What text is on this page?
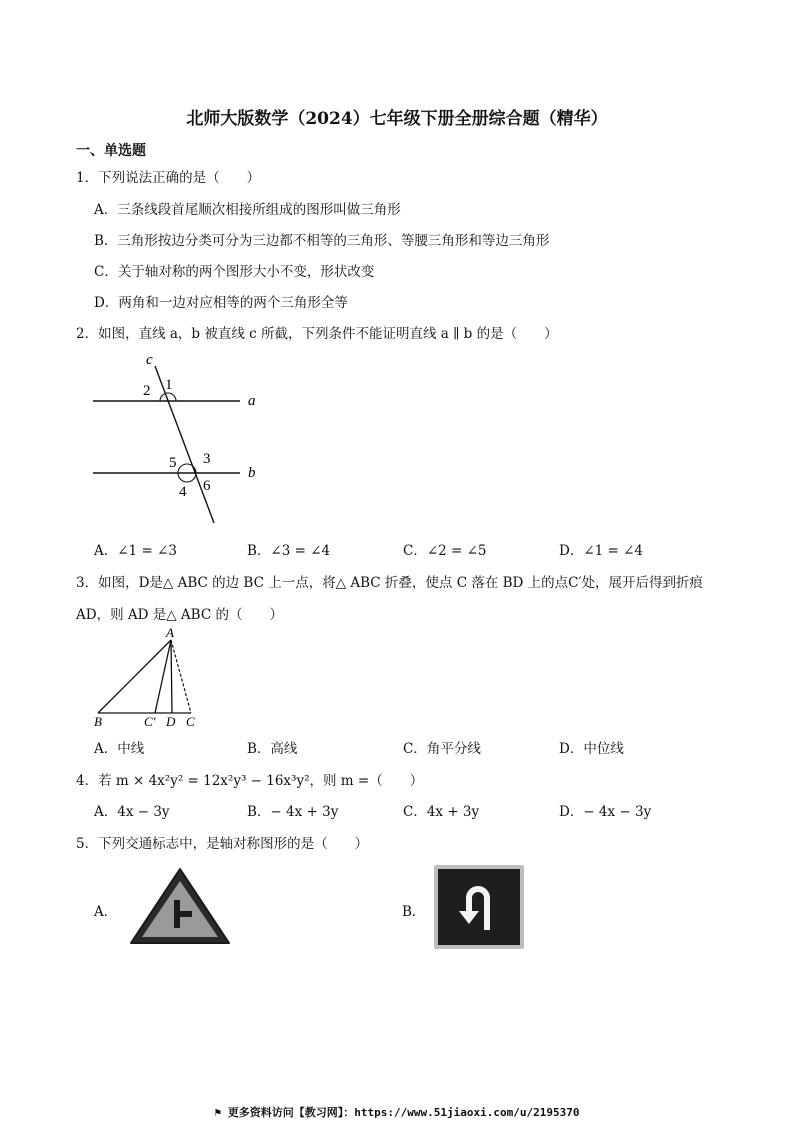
北师大版数学（2024）七年级下册全册综合题（精华）
一、单选题
1．下列说法正确的是（　　）
A．三条线段首尾顺次相接所组成的图形叫做三角形
B．三角形按边分类可分为三边都不相等的三角形、等腰三角形和等边三角形
C．关于轴对称的两个图形大小不变，形状改变
D．两角和一边对应相等的两个三角形全等
2．如图，直线 a，b 被直线 c 所截，下列条件不能证明直线 a ∥ b 的是（　　）
c
a
b
2 1
5 3
4 6
A．∠1 = ∠3	B．∠3 = ∠4	C．∠2 = ∠5	D．∠1 = ∠4
3．如图，D是△ ABC 的边 BC 上一点，将△ ABC 折叠，使点 C 落在 BD 上的点C′处，展开后得到折痕
AD，则 AD 是△ ABC 的（　　）
A
B	C′ D C
A．中线	B．高线	C．角平分线	D．中位线
4．若 m × 4x²y² = 12x²y³ − 16x³y²，则 m =（　　）
A．4x − 3y	B．− 4x + 3y	C．4x + 3y	D．− 4x − 3y
5．下列交通标志中，是轴对称图形的是（　　）
A．	B．
⚑ 更多资料访问【教习网】：https://www.51jiaoxi.com/u/2195370
